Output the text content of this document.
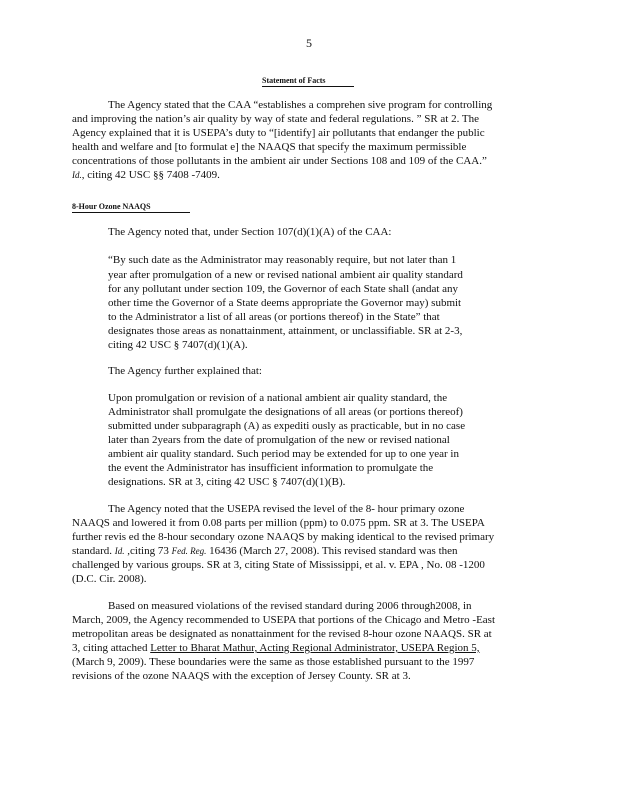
5
Statement of Facts
The Agency stated that the CAA “establishes a comprehen sive program for controlling
and improving the nation’s air quality by way of state and federal regulations. ” SR at 2. The
Agency explained that it is USEPA’s duty to “[identify] air pollutants that endanger the public
health and welfare and [to formulat e] the NAAQS that specify the maximum permissible
concentrations of those pollutants in the ambient air under Sections 108 and 109 of the CAA.”
Id., citing 42 USC §§ 7408 -7409.
8-Hour Ozone NAAQS
The Agency noted that, under Section 107(d)(1)(A) of the CAA:
“By such date as the Administrator may reasonably require, but not later than 1
year after promulgation of a new or revised national ambient air quality standard
for any pollutant under section 109, the Governor of each State shall (andat any
other time the Governor of a State deems appropriate the Governor may) submit
to the Administrator a list of all areas (or portions thereof) in the State” that
designates those areas as nonattainment, attainment, or unclassifiable. SR at 2-3,
citing 42 USC § 7407(d)(1)(A).
The Agency further explained that:
Upon promulgation or revision of a national ambient air quality standard, the
Administrator shall promulgate the designations of all areas (or portions thereof)
submitted under subparagraph (A) as expediti ously as practicable, but in no case
later than 2years from the date of promulgation of the new or revised national
ambient air quality standard. Such period may be extended for up to one year in
the event the Administrator has insufficient information to promulgate the
designations. SR at 3, citing 42 USC § 7407(d)(1)(B).
The Agency noted that the USEPA revised the level of the 8- hour primary ozone
NAAQS and lowered it from 0.08 parts per million (ppm) to 0.075 ppm. SR at 3. The USEPA
further revis ed the 8-hour secondary ozone NAAQS by making identical to the revised primary
standard. Id. ,citing 73 Fed. Reg. 16436 (March 27, 2008). This revised standard was then
challenged by various groups. SR at 3, citing State of Mississippi, et al. v. EPA , No. 08 -1200
(D.C. Cir. 2008).
Based on measured violations of the revised standard during 2006 through2008, in
March, 2009, the Agency recommended to USEPA that portions of the Chicago and Metro -East
metropolitan areas be designated as nonattainment for the revised 8-hour ozone NAAQS. SR at
3, citing attached Letter to Bharat Mathur, Acting Regional Administrator, USEPA Region 5,
(March 9, 2009). These boundaries were the same as those established pursuant to the 1997
revisions of the ozone NAAQS with the exception of Jersey County. SR at 3.
